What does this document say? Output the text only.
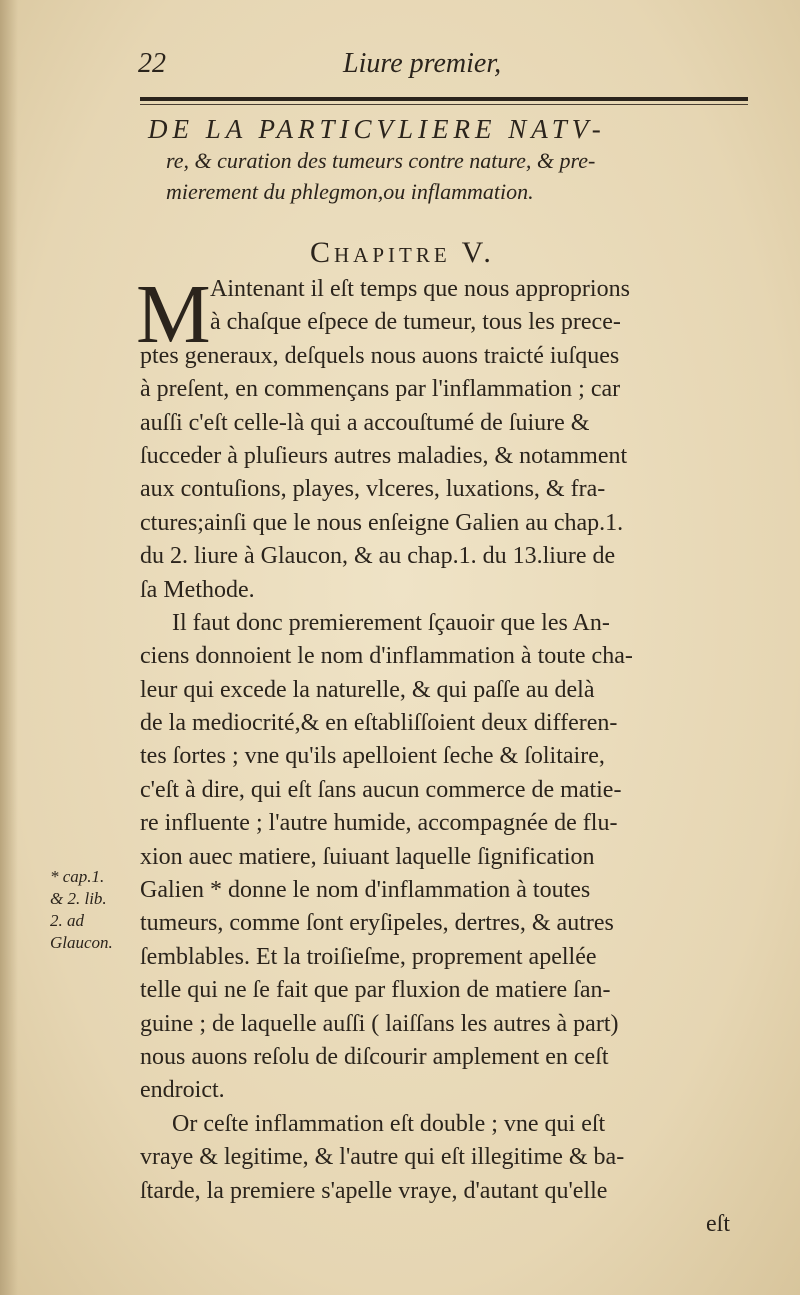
22	Liure premier,
DE LA PARTICVLIERE NATV-
re, & curation des tumeurs contre nature, & pre-
mierement du phlegmon,ou inflammation.
Chapitre V.
M Aintenant il eſt temps que nous approprions
à chaſque eſpece de tumeur, tous les prece-
ptes generaux, deſquels nous auons traicté iuſques
à preſent, en commençans par l'inflammation ; car
auſſi c'eſt celle-là qui a accouſtumé de ſuiure &
ſucceder à pluſieurs autres maladies, & notamment
aux contuſions, playes, vlceres, luxations, & fra-
ctures;ainſi que le nous enſeigne Galien au chap.1.
du 2. liure à Glaucon, & au chap.1. du 13.liure de
ſa Methode.
Il faut donc premierement ſçauoir que les An-
ciens donnoient le nom d'inflammation à toute cha-
leur qui excede la naturelle, & qui paſſe au delà
de la mediocrité,& en eſtabliſſoient deux differen-
tes ſortes ; vne qu'ils apelloient ſeche & ſolitaire,
c'eſt à dire, qui eſt ſans aucun commerce de matie-
re influente ; l'autre humide, accompagnée de flu-
xion auec matiere, ſuiuant laquelle ſignification
Galien * donne le nom d'inflammation à toutes
tumeurs, comme ſont eryſipeles, dertres, & autres
ſemblables. Et la troiſieſme, proprement apellée
telle qui ne ſe fait que par fluxion de matiere ſan-
guine ; de laquelle auſſi ( laiſſans les autres à part)
nous auons reſolu de diſcourir amplement en ceſt
endroict.
Or ceſte inflammation eſt double ; vne qui eſt
vraye & legitime, & l'autre qui eſt illegitime & ba-
ſtarde, la premiere s'apelle vraye, d'autant qu'elle
eſt
* cap.1.
& 2. lib.
2. ad
Glaucon.
